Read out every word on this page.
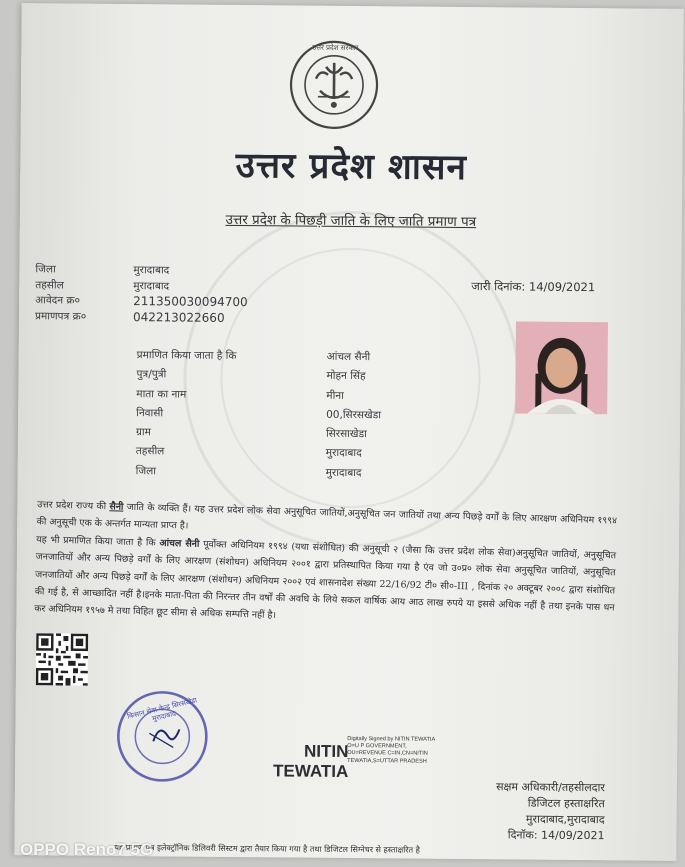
उत्तर प्रदेश सरकार
उत्तर प्रदेश शासन
उत्तर प्रदेश के पिछड़ी जाति के लिए जाति प्रमाण पत्र
जिला	मुरादाबाद
तहसील	मुरादाबाद
आवेदन क्र०	211350030094700
प्रमाणपत्र क्र०	042213022660
जारी दिनांक: 14/09/2021
प्रमाणित किया जाता है कि	आंचल सैनी
पुत्र/पुत्री	मोहन सिंह
माता का नाम	मीना
निवासी	00,सिरसखेडा
ग्राम	सिरसाखेडा
तहसील	मुरादाबाद
जिला	मुरादाबाद
उत्तर प्रदेश राज्य की सैनी जाति के व्यक्ति हैं। यह उत्तर प्रदेश लोक सेवा अनुसूचित जातियों,अनुसूचित जन जातियों तथा अन्य पिछड़े वर्गों के लिए आरक्षण अधिनियम १९९४ की अनुसूची एक के अन्तर्गत मान्यता प्राप्त है।
यह भी प्रमाणित किया जाता है कि आंचल सैनी पूर्वोक्त अधिनियम १९९४ (यथा संशोधित) की अनुसूची २ (जैसा कि उत्तर प्रदेश लोक सेवा)अनुसूचित जातियों, अनुसूचित जनजातियों और अन्य पिछड़े वर्गों के लिए आरक्षण (संशोधन) अधिनियम २००१ द्वारा प्रतिस्थापित किया गया है एंव जो उ०प्र० लोक सेवा अनुसूचित जातियों, अनुसूचित जनजातियों और अन्य पिछड़े वर्गों के लिए आरक्षण (संशोधन) अधिनियम २००२ एवं शासनादेश संख्या 22/16/92 टी० सी०-III , दिनांक २० अक्टूबर २००८ द्वारा संशोधित की गई है, से आच्छादित नहीं है।इनके माता-पिता की निरन्तर तीन वर्षों की अवधि के लिये सकल वार्षिक आय आठ लाख रुपये या इससे अधिक नहीं है तथा इनके पास धन कर अधिनियम १९५७ मे तथा विहित छूट सीमा से अधिक सम्पत्ति नहीं है।
किसान सेवा केन्द्र सिरसखेडा मुरादाबाद
NITIN
TEWATIA
Digitally Signed by NITIN TEWATIA O=U P GOVERNMENT, OU=REVENUE C=IN,CN=NITIN TEWATIA,S=UTTAR PRADESH
सक्षम अधिकारी/तहसीलदार
डिजिटल हस्ताक्षरित
मुरादाबाद,मुरादाबाद
दिनॉक: 14/09/2021
यह प्रमाण पत्र इलेक्ट्रॉनिक डिलिवरी सिस्टम द्वारा तैयार किया गया है तथा डिजिटल सिग्नेचर से हस्ताक्षरित है
OPPO Reno7 5G
